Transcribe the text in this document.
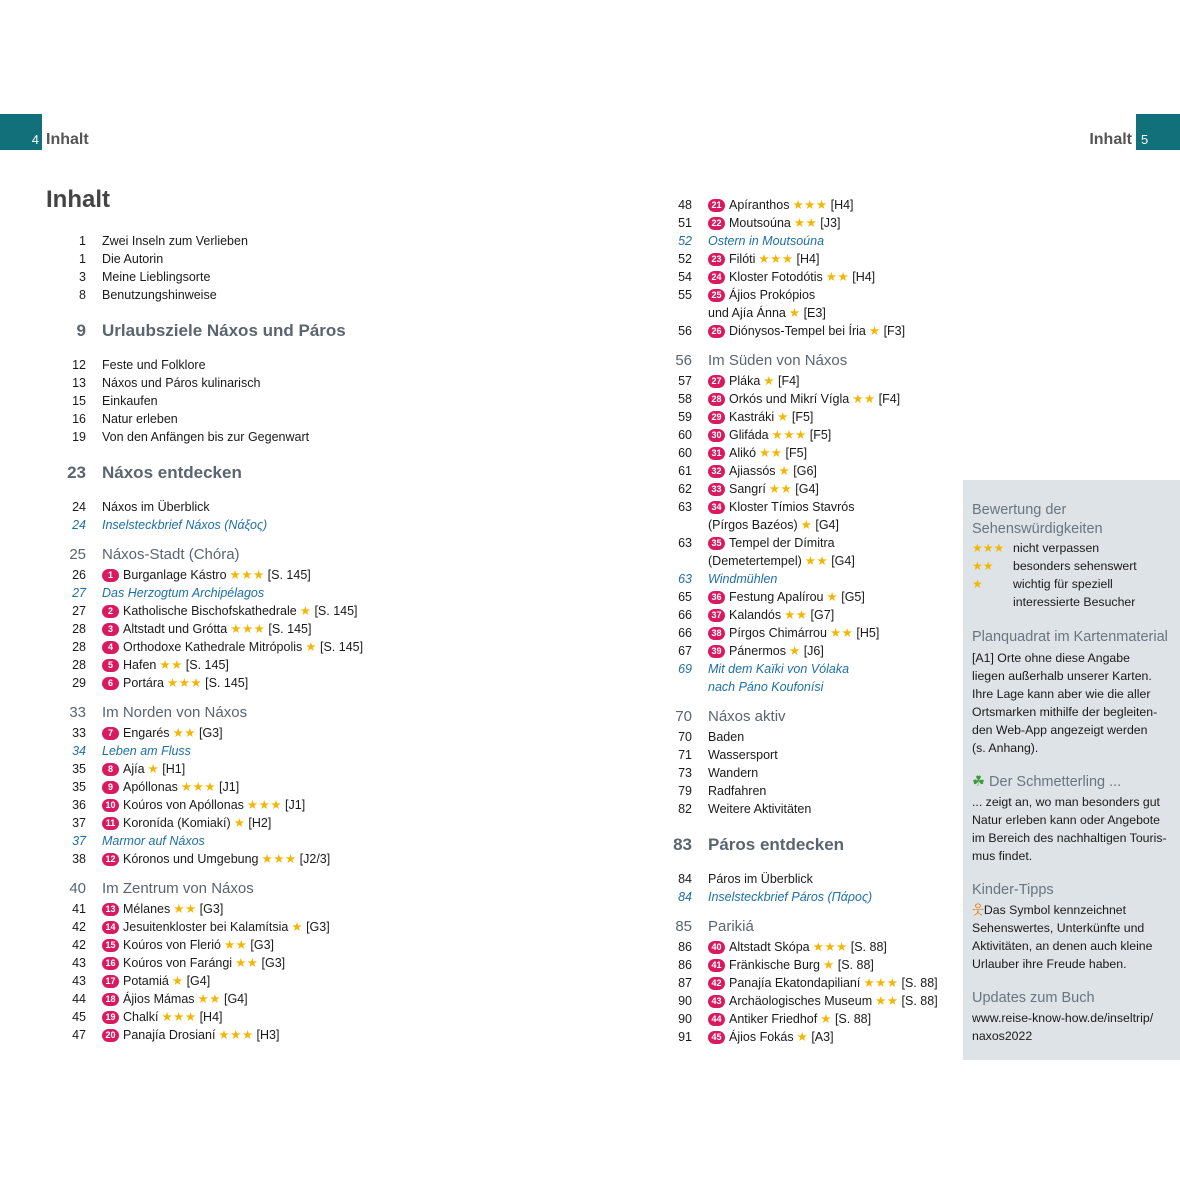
4 Inhalt	Inhalt 5
Inhalt
1 Zwei Inseln zum Verlieben
1 Die Autorin
3 Meine Lieblingsorte
8 Benutzungshinweise
9 Urlaubsziele Náxos und Páros
12 Feste und Folklore
13 Náxos und Páros kulinarisch
15 Einkaufen
16 Natur erleben
19 Von den Anfängen bis zur Gegenwart
23 Náxos entdecken
24 Náxos im Überblick
24 Inselsteckbrief Náxos (Νάξος)
25 Náxos-Stadt (Chóra)
26	1 Burganlage Kástro ★★★ [S. 145]
27 Das Herzogtum Archipélagos
27	2 Katholische Bischofskathedrale ★ [S. 145]
28	3 Altstadt und Grótta ★★★ [S. 145]
28	4 Orthodoxe Kathedrale Mitrópolis ★ [S. 145]
28	5 Hafen ★★ [S. 145]
29	6 Portára ★★★ [S. 145]
33 Im Norden von Náxos
33	7 Engarés ★★ [G3]
34 Leben am Fluss
35	8 Ajía ★ [H1]
35	9 Apóllonas ★★★ [J1]
36	10 Koúros von Apóllonas ★★★ [J1]
37	11 Koronída (Komiakí) ★ [H2]
37 Marmor auf Náxos
38	12 Kóronos und Umgebung ★★★ [J2/3]
40 Im Zentrum von Náxos
41	13 Mélanes ★★ [G3]
42	14 Jesuitenkloster bei Kalamítsia ★ [G3]
42	15 Koúros von Flerió ★★ [G3]
43	16 Koúros von Farángi ★★ [G3]
43	17 Potamiá ★ [G4]
44	18 Ájios Mámas ★★ [G4]
45	19 Chalkí ★★★ [H4]
47	20 Panajía Drosianí ★★★ [H3]
48	21 Apíranthos ★★★ [H4]
51	22 Moutsoúna ★★ [J3]
52 Ostern in Moutsoúna
52	23 Filóti ★★★ [H4]
54	24 Kloster Fotodótis ★★ [H4]
55	25 Ájios Prokópios
und Ajía Ánna ★ [E3]
56	26 Diónysos-Tempel bei Íria ★ [F3]
56 Im Süden von Náxos
57	27 Pláka ★ [F4]
58	28 Orkós und Mikrí Vígla ★★ [F4]
59	29 Kastráki ★ [F5]
60	30 Glifáda ★★★ [F5]
60	31 Alikó ★★ [F5]
61	32 Ajiassós ★ [G6]
62	33 Sangrí ★★ [G4]
63	34 Kloster Tímios Stavrós
(Pírgos Bazéos) ★ [G4]
63	35 Tempel der Dímitra
(Demetertempel) ★★ [G4]
63 Windmühlen
65	36 Festung Apalírou ★ [G5]
66	37 Kalandós ★★ [G7]
66	38 Pírgos Chimárrou ★★ [H5]
67	39 Pánermos ★ [J6]
69 Mit dem Kaïki von Vólaka
nach Páno Koufonísi
70 Náxos aktiv
70 Baden
71 Wassersport
73 Wandern
79 Radfahren
82 Weitere Aktivitäten
83 Páros entdecken
84 Páros im Überblick
84 Inselsteckbrief Páros (Πάρος)
85 Parikiá
86	40 Altstadt Skópa ★★★ [S. 88]
86	41 Fränkische Burg ★ [S. 88]
87	42 Panajía Ekatondapilianí ★★★ [S. 88]
90	43 Archäologisches Museum ★★ [S. 88]
90	44 Antiker Friedhof ★ [S. 88]
91	45 Ájios Fokás ★ [A3]
Bewertung der
Sehenswürdigkeiten
★★★ nicht verpassen
★★ besonders sehenswert
★ wichtig für speziell
interessierte Besucher
Planquadrat im Kartenmaterial
[A1] Orte ohne diese Angabe
liegen außerhalb unserer Karten.
Ihre Lage kann aber wie die aller
Ortsmarken mithilfe der begleiten-
den Web-App angezeigt werden
(s. Anhang).
☘ Der Schmetterling ...
... zeigt an, wo man besonders gut
Natur erleben kann oder Angebote
im Bereich des nachhaltigen Touris-
mus findet.
Kinder-Tipps
웃Das Symbol kennzeichnet
Sehenswertes, Unterkünfte und
Aktivitäten, an denen auch kleine
Urlauber ihre Freude haben.
Updates zum Buch
www.reise-know-how.de/inseltrip/
naxos2022
